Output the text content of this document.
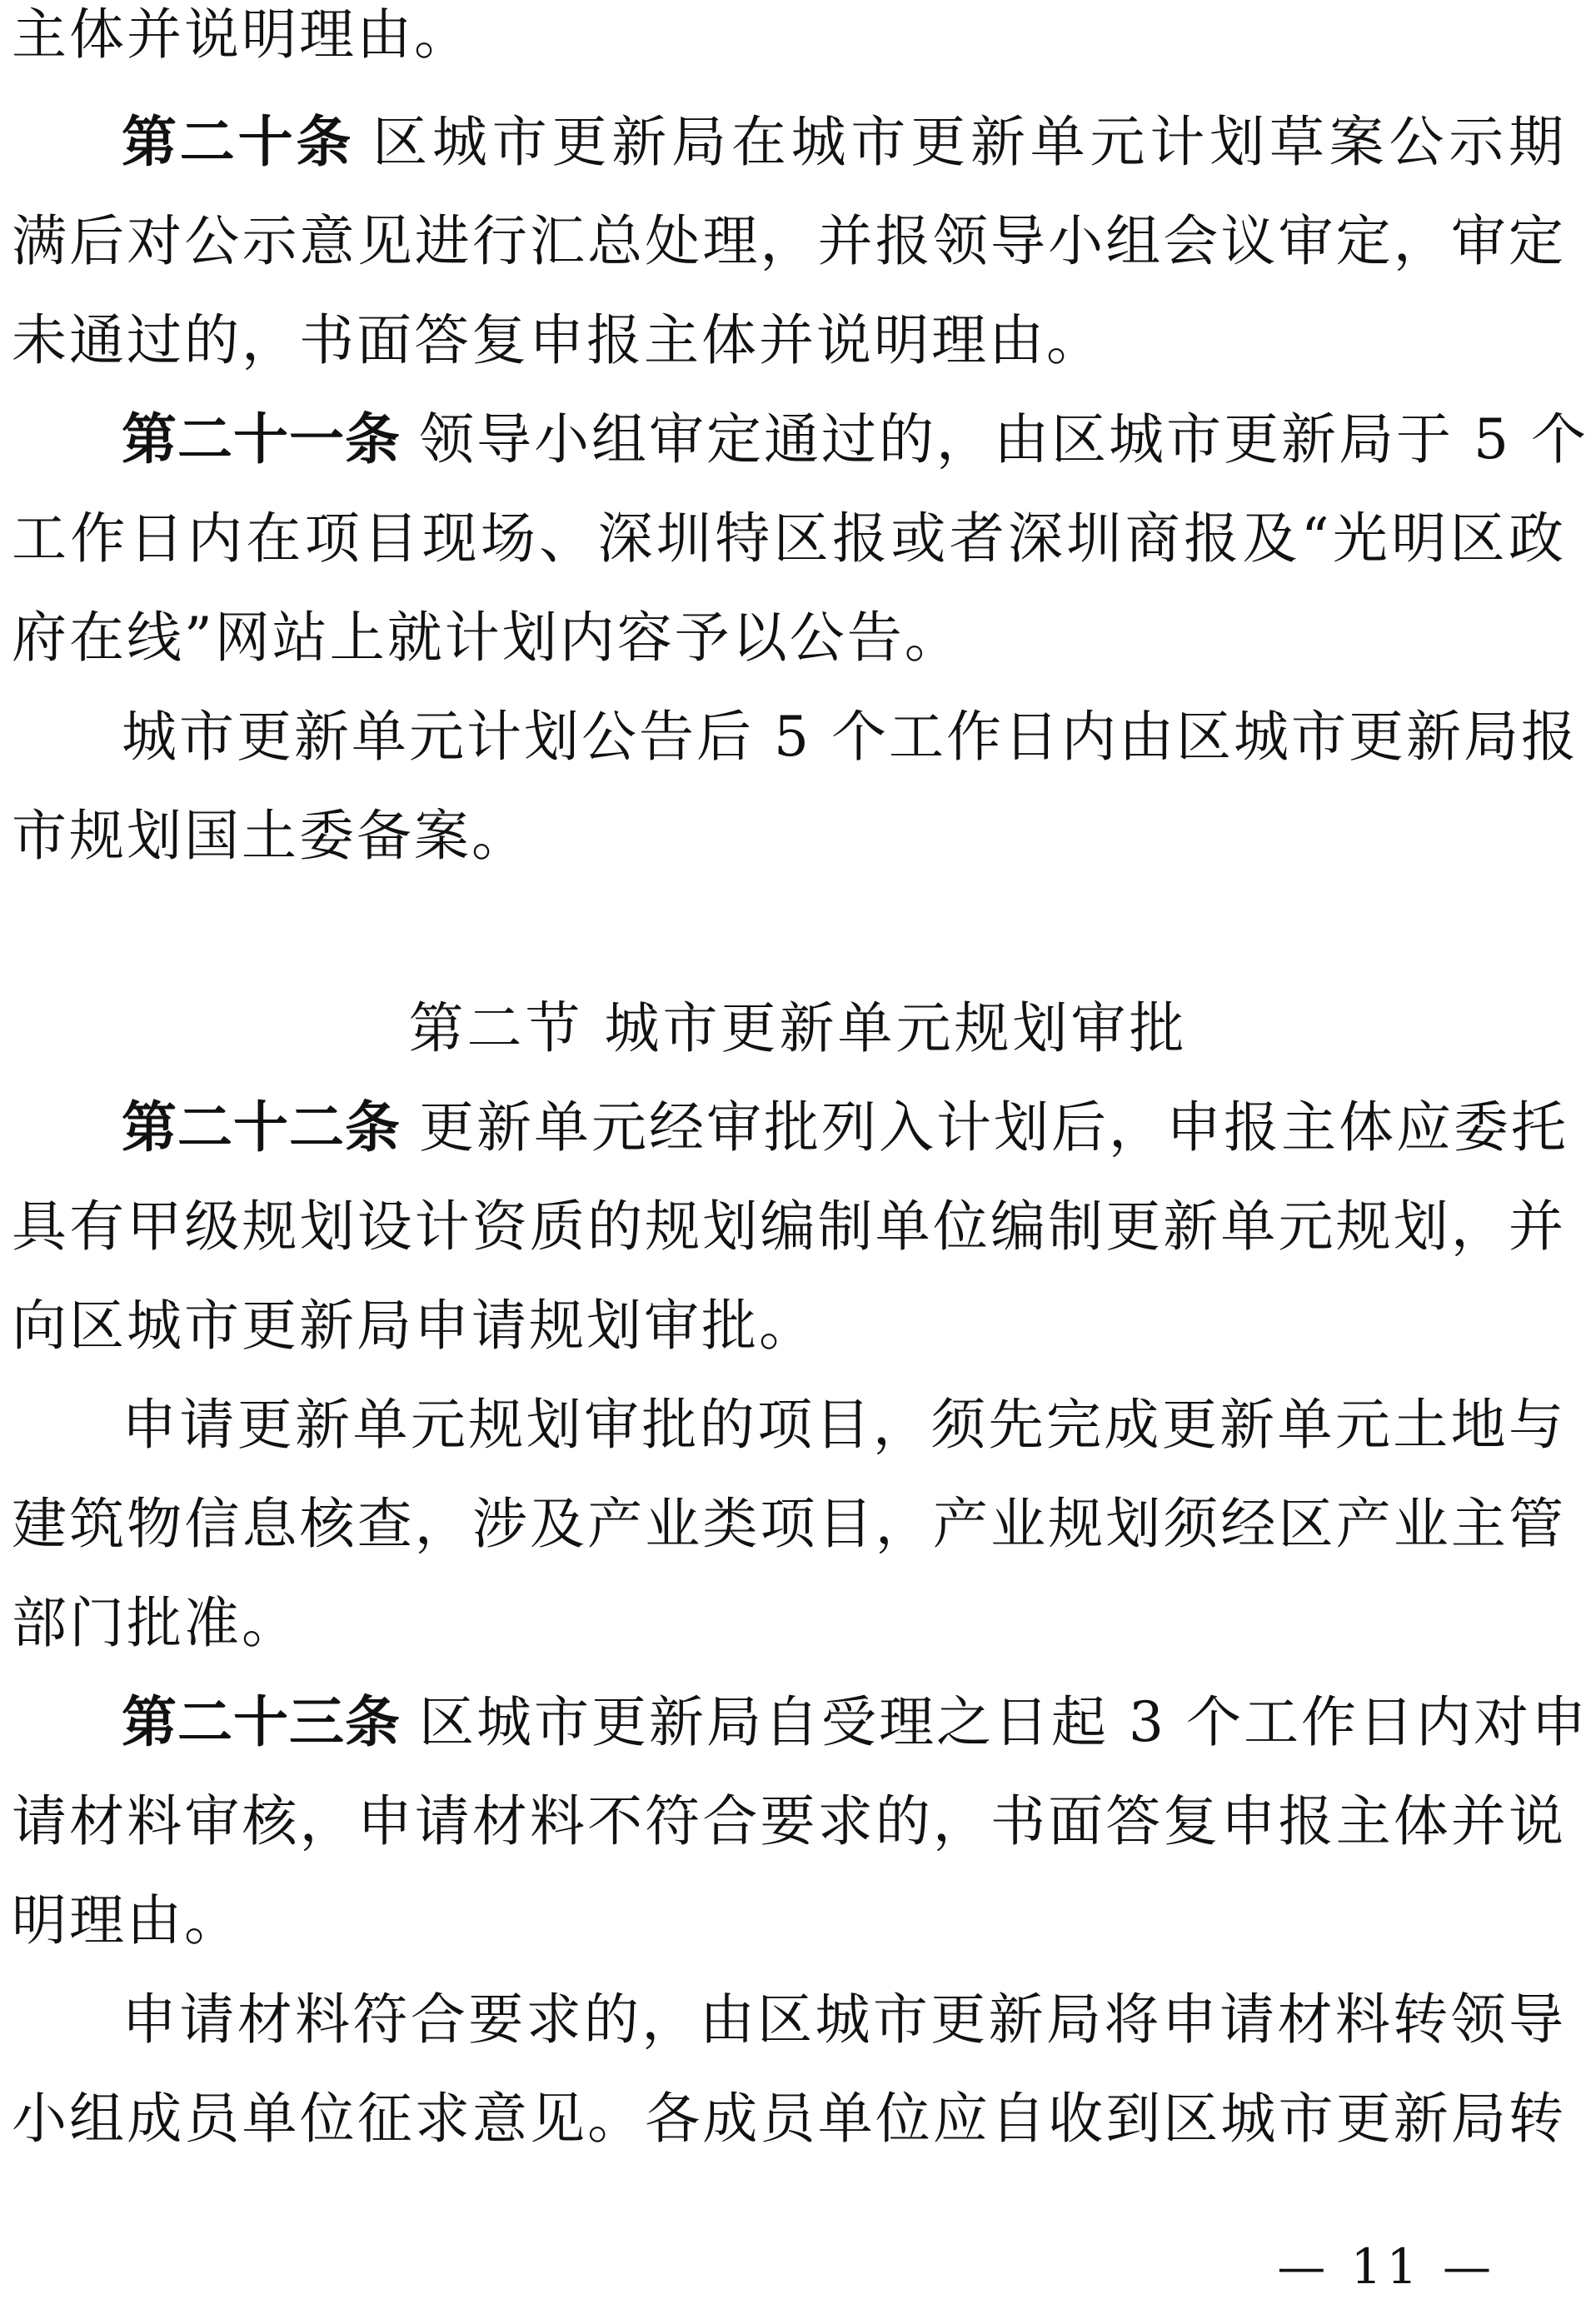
主体并说明理由。
第二十条 区城市更新局在城市更新单元计划草案公示期
满后对公示意见进行汇总处理，并报领导小组会议审定，审定
未通过的，书面答复申报主体并说明理由。
第二十一条 领导小组审定通过的，由区城市更新局于 5 个
工作日内在项目现场、深圳特区报或者深圳商报及“光明区政
府在线”网站上就计划内容予以公告。
城市更新单元计划公告后 5 个工作日内由区城市更新局报
市规划国土委备案。
第二节 城市更新单元规划审批
第二十二条 更新单元经审批列入计划后，申报主体应委托
具有甲级规划设计资质的规划编制单位编制更新单元规划，并
向区城市更新局申请规划审批。
申请更新单元规划审批的项目，须先完成更新单元土地与
建筑物信息核查，涉及产业类项目，产业规划须经区产业主管
部门批准。
第二十三条 区城市更新局自受理之日起 3 个工作日内对申
请材料审核，申请材料不符合要求的，书面答复申报主体并说
明理由。
申请材料符合要求的，由区城市更新局将申请材料转领导
小组成员单位征求意见。各成员单位应自收到区城市更新局转
— 11 —
